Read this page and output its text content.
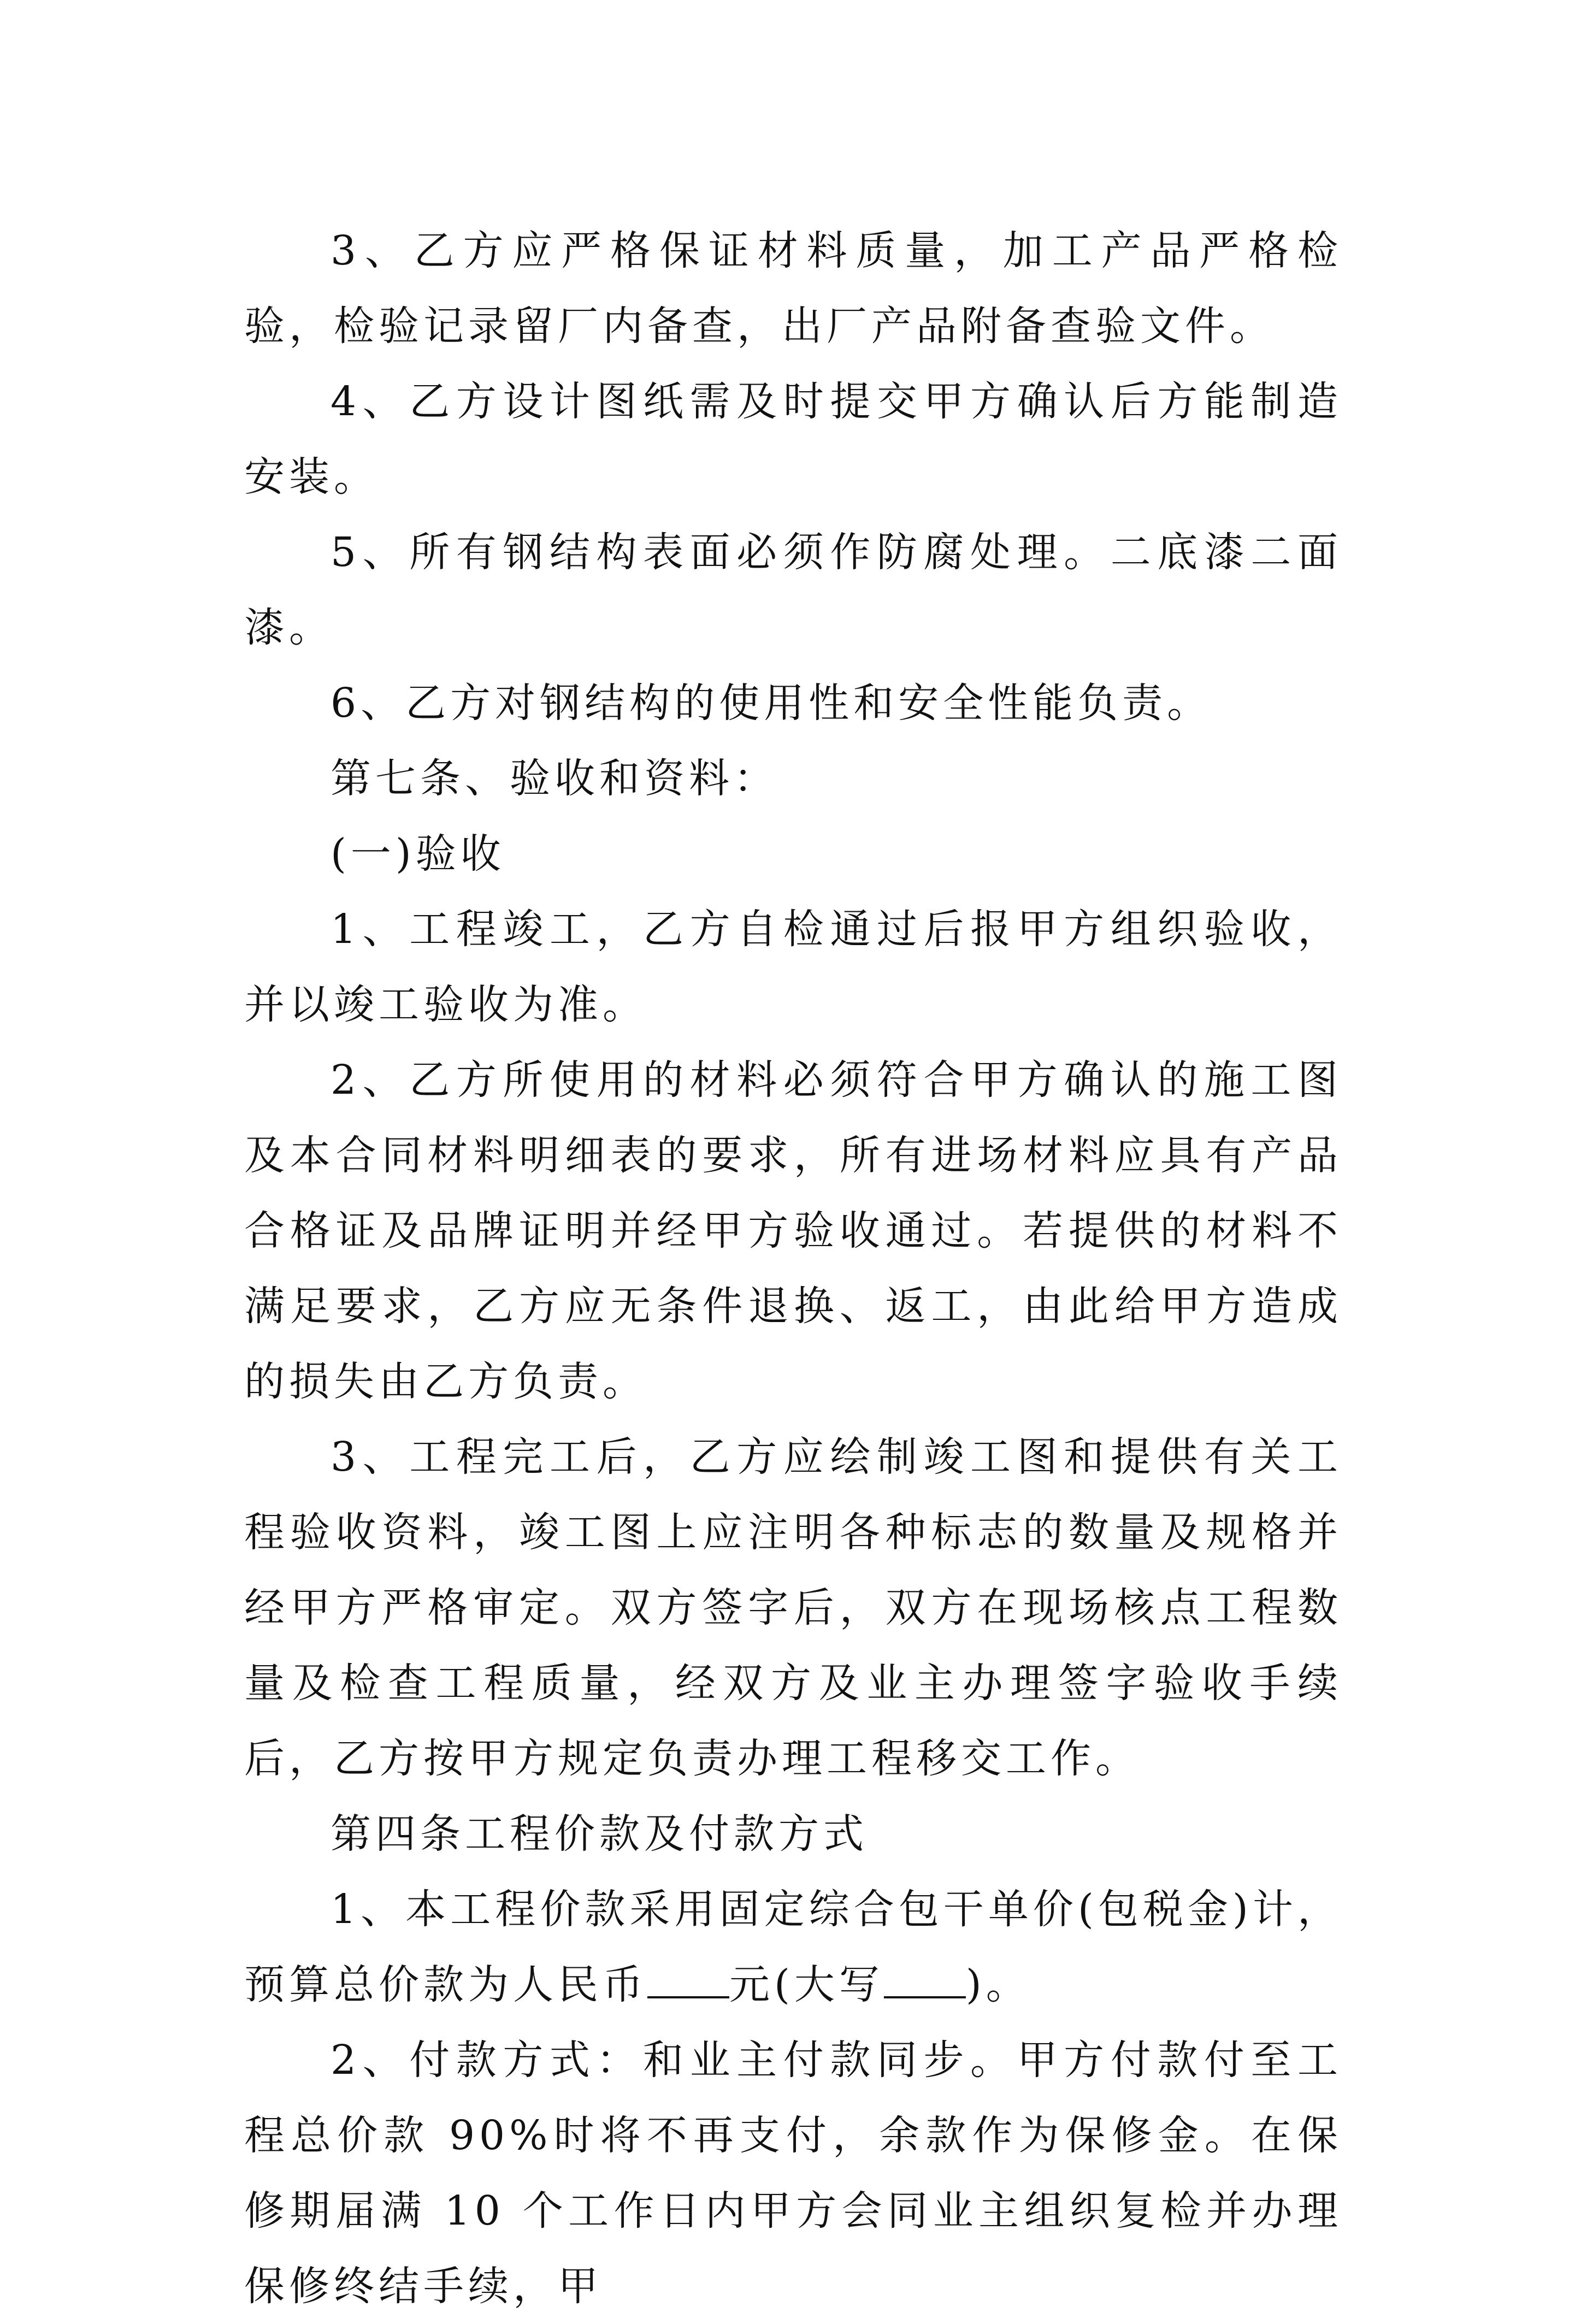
3、乙方应严格保证材料质量，加工产品严格检验，检验记录留厂内备查，出厂产品附备查验文件。

4、乙方设计图纸需及时提交甲方确认后方能制造安装。

5、所有钢结构表面必须作防腐处理。二底漆二面漆。

6、乙方对钢结构的使用性和安全性能负责。

第七条、验收和资料：

(一)验收

1、工程竣工，乙方自检通过后报甲方组织验收，并以竣工验收为准。

2、乙方所使用的材料必须符合甲方确认的施工图及本合同材料明细表的要求，所有进场材料应具有产品合格证及品牌证明并经甲方验收通过。若提供的材料不满足要求，乙方应无条件退换、返工，由此给甲方造成的损失由乙方负责。

3、工程完工后，乙方应绘制竣工图和提供有关工程验收资料，竣工图上应注明各种标志的数量及规格并经甲方严格审定。双方签字后，双方在现场核点工程数量及检查工程质量，经双方及业主办理签字验收手续后，乙方按甲方规定负责办理工程移交工作。

第四条工程价款及付款方式

1、本工程价款采用固定综合包干单价(包税金)计，预算总价款为人民币 元(大写 )。

2、付款方式：和业主付款同步。甲方付款付至工程总价款 90%时将不再支付，余款作为保修金。在保修期届满 10 个工作日内甲方会同业主组织复检并办理保修终结手续，甲
